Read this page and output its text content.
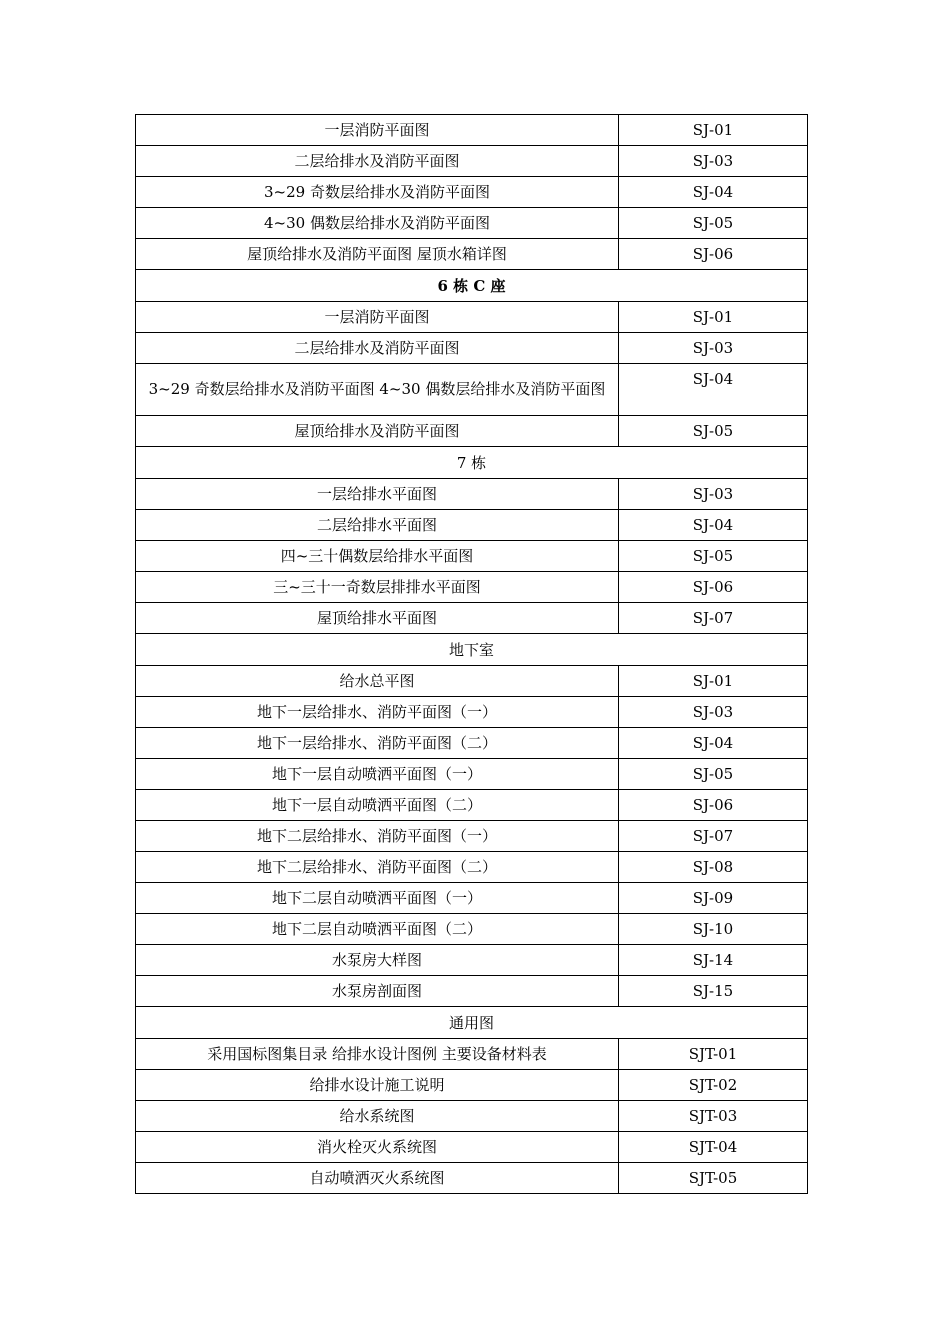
一层消防平面图	SJ-01
二层给排水及消防平面图	SJ-03
3~29 奇数层给排水及消防平面图	SJ-04
4~30 偶数层给排水及消防平面图	SJ-05
屋顶给排水及消防平面图 屋顶水箱详图	SJ-06
6 栋 C 座	
一层消防平面图	SJ-01
二层给排水及消防平面图	SJ-03
3~29 奇数层给排水及消防平面图 4~30 偶数层给排水及消防平面图	SJ-04
屋顶给排水及消防平面图	SJ-05
7 栋	
一层给排水平面图	SJ-03
二层给排水平面图	SJ-04
四~三十偶数层给排水平面图	SJ-05
三~三十一奇数层排排水平面图	SJ-06
屋顶给排水平面图	SJ-07
地下室	
给水总平图	SJ-01
地下一层给排水、消防平面图（一）	SJ-03
地下一层给排水、消防平面图（二）	SJ-04
地下一层自动喷洒平面图（一）	SJ-05
地下一层自动喷洒平面图（二）	SJ-06
地下二层给排水、消防平面图（一）	SJ-07
地下二层给排水、消防平面图（二）	SJ-08
地下二层自动喷洒平面图（一）	SJ-09
地下二层自动喷洒平面图（二）	SJ-10
水泵房大样图	SJ-14
水泵房剖面图	SJ-15
通用图	
采用国标图集目录 给排水设计图例 主要设备材料表	SJT-01
给排水设计施工说明	SJT-02
给水系统图	SJT-03
消火栓灭火系统图	SJT-04
自动喷洒灭火系统图	SJT-05
